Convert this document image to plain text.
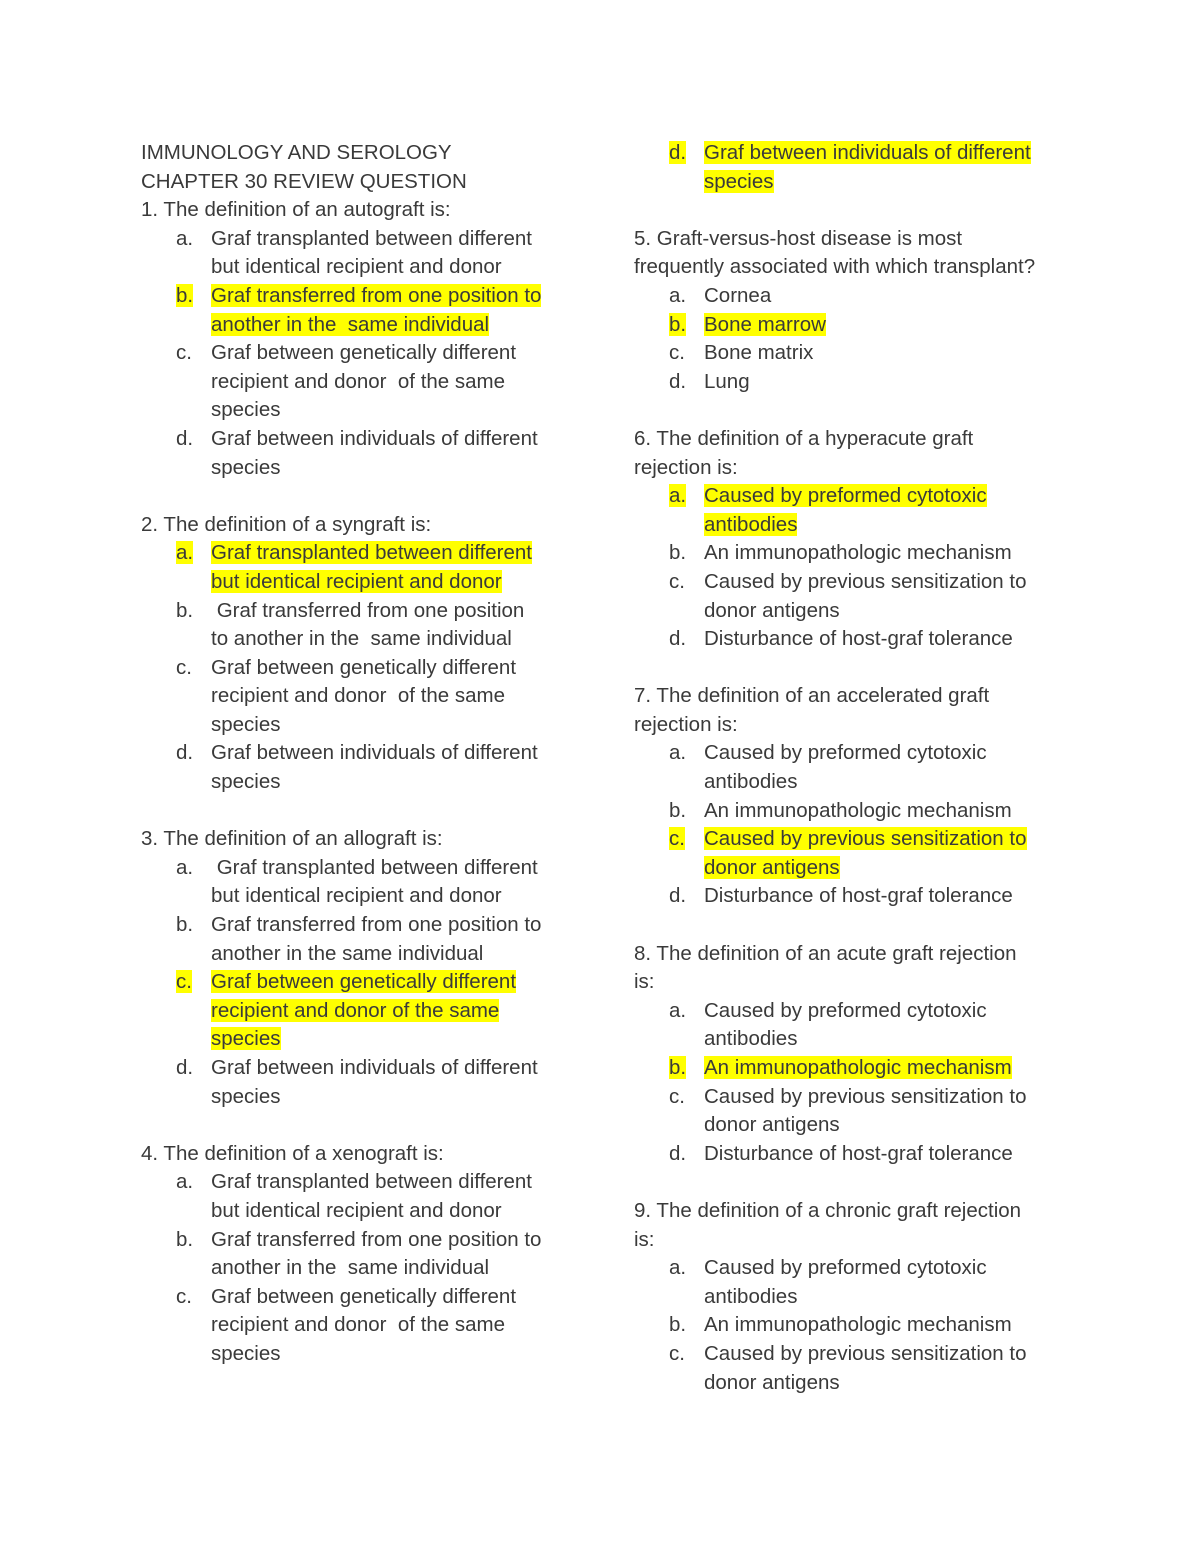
IMMUNOLOGY AND SEROLOGY
CHAPTER 30 REVIEW QUESTION
1. The definition of an autograft is:
a. Graf transplanted between different
but identical recipient and donor
b. Graf transferred from one position to
another in the  same individual
c. Graf between genetically different
recipient and donor  of the same
species
d. Graf between individuals of different
species
2. The definition of a syngraft is:
a. Graf transplanted between different
but identical recipient and donor
b. Graf transferred from one position
to another in the  same individual
c. Graf between genetically different
recipient and donor  of the same
species
d. Graf between individuals of different
species
3. The definition of an allograft is:
a. Graf transplanted between different
but identical recipient and donor
b. Graf transferred from one position to
another in the same individual
c. Graf between genetically different
recipient and donor of the same
species
d. Graf between individuals of different
species
4. The definition of a xenograft is:
a. Graf transplanted between different
but identical recipient and donor
b. Graf transferred from one position to
another in the  same individual
c. Graf between genetically different
recipient and donor  of the same
species
d. Graf between individuals of different
species
5. Graft-versus-host disease is most
frequently associated with which transplant?
a. Cornea
b. Bone marrow
c. Bone matrix
d. Lung
6. The definition of a hyperacute graft
rejection is:
a. Caused by preformed cytotoxic
antibodies
b. An immunopathologic mechanism
c. Caused by previous sensitization to
donor antigens
d. Disturbance of host-graf tolerance
7. The definition of an accelerated graft
rejection is:
a. Caused by preformed cytotoxic
antibodies
b. An immunopathologic mechanism
c. Caused by previous sensitization to
donor antigens
d. Disturbance of host-graf tolerance
8. The definition of an acute graft rejection
is:
a. Caused by preformed cytotoxic
antibodies
b. An immunopathologic mechanism
c. Caused by previous sensitization to
donor antigens
d. Disturbance of host-graf tolerance
9. The definition of a chronic graft rejection
is:
a. Caused by preformed cytotoxic
antibodies
b. An immunopathologic mechanism
c. Caused by previous sensitization to
donor antigens
